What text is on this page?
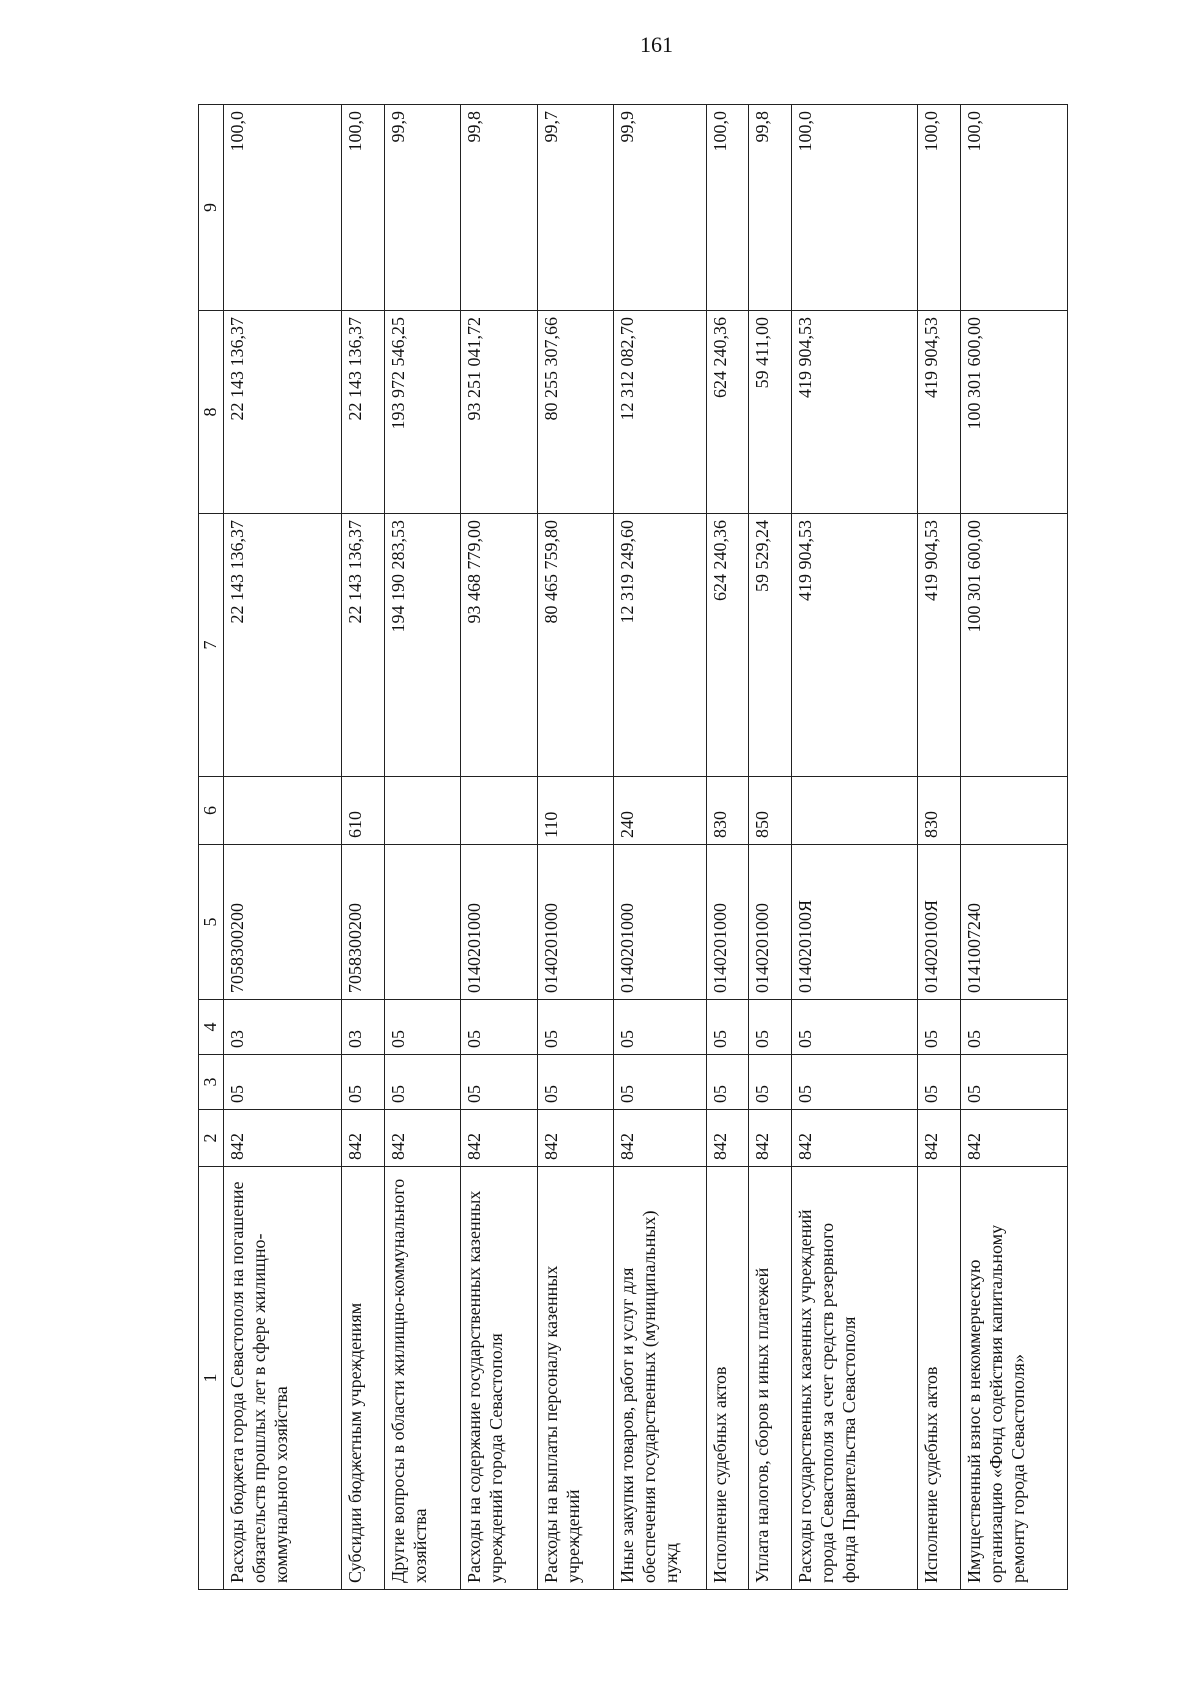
161
1	2	3	4	5	6	7	8	9
Расходы бюджета города Севастополя на погашение обязательств прошлых лет в сфере жилищно-коммунального хозяйства	842	05	03	7058300200		22 143 136,37	22 143 136,37	100,0
Субсидии бюджетным учреждениям	842	05	03	7058300200	610	22 143 136,37	22 143 136,37	100,0
Другие вопросы в области жилищно-коммунального хозяйства	842	05	05			194 190 283,53	193 972 546,25	99,9
Расходы на содержание государственных казенных учреждений города Севастополя	842	05	05	0140201000		93 468 779,00	93 251 041,72	99,8
Расходы на выплаты персоналу казенных учреждений	842	05	05	0140201000	110	80 465 759,80	80 255 307,66	99,7
Иные закупки товаров, работ и услуг для обеспечения государственных (муниципальных) нужд	842	05	05	0140201000	240	12 319 249,60	12 312 082,70	99,9
Исполнение судебных актов	842	05	05	0140201000	830	624 240,36	624 240,36	100,0
Уплата налогов, сборов и иных платежей	842	05	05	0140201000	850	59 529,24	59 411,00	99,8
Расходы государственных казенных учреждений города Севастополя за счет средств резервного фонда Правительства Севастополя	842	05	05	014020100Я		419 904,53	419 904,53	100,0
Исполнение судебных актов	842	05	05	014020100Я	830	419 904,53	419 904,53	100,0
Имущественный взнос в некоммерческую организацию «Фонд содействия капитальному ремонту города Севастополя»	842	05	05	0141007240		100 301 600,00	100 301 600,00	100,0
